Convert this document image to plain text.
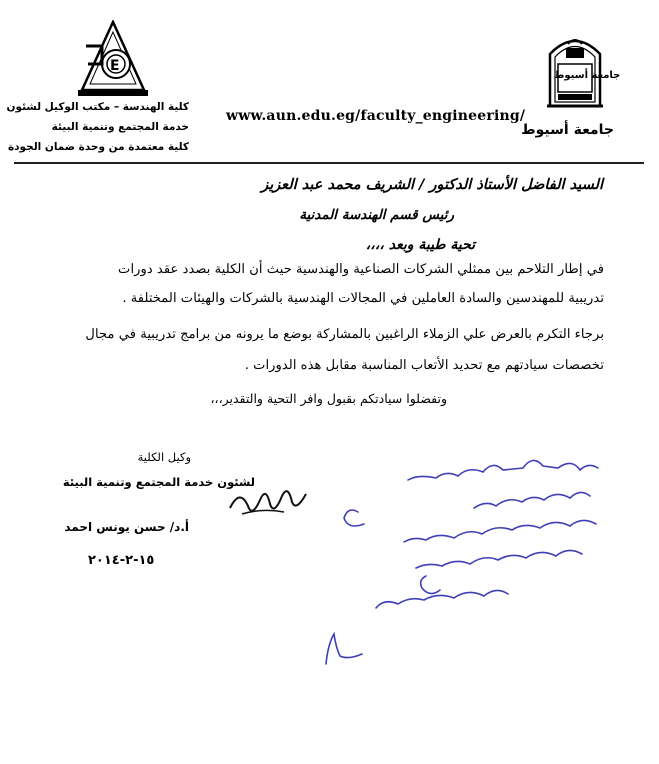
جامعة أسيوط
جامعة أسيوط
www.aun.edu.eg/faculty_engineering/
E
كلية الهندسة – مكتب الوكيل لشئون
خدمة المجتمع وتنمية البيئة
كلية معتمدة من وحدة ضمان الجودة
السيد الفاضل الأستاذ الدكتور / الشريف محمد عبد العزيز
رئيس قسم الهندسة المدنية
تحية طيبة وبعد ،،،،
في إطار التلاحم بين ممثلي الشركات الصناعية والهندسية حيث أن الكلية بصدد عقد دورات
تدريبية للمهندسين والسادة العاملين في المجالات الهندسية بالشركات والهيئات المختلفة .
برجاء التكرم بالعرض علي الزملاء الراغبين بالمشاركة بوضع ما يرونه من برامج تدريبية في مجال
تخصصات سيادتهم مع تحديد الأتعاب المناسبة مقابل هذه الدورات .
وتفضلوا سيادتكم بقبول وافر التحية والتقدير،،،
وكيل الكلية
لشئون خدمة المجتمع وتنمية البيئة
أ.د/ حسن يونس احمد
١٥-٢-٢٠١٤
